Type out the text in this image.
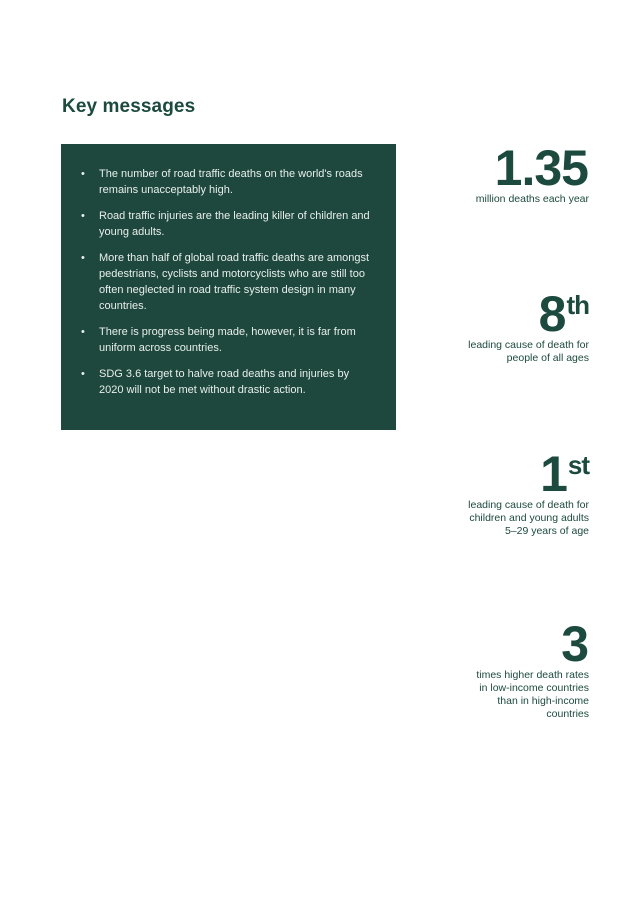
Key messages
• The number of road traffic deaths on the world's roads remains unacceptably high.
• Road traffic injuries are the leading killer of children and young adults.
• More than half of global road traffic deaths are amongst pedestrians, cyclists and motorcyclists who are still too often neglected in road traffic system design in many countries.
• There is progress being made, however, it is far from uniform across countries.
• SDG 3.6 target to halve road deaths and injuries by 2020 will not be met without drastic action.
1.35
million deaths each year
8th
leading cause of death for people of all ages
1st
leading cause of death for children and young adults 5–29 years of age
3
times higher death rates in low-income countries than in high-income countries
